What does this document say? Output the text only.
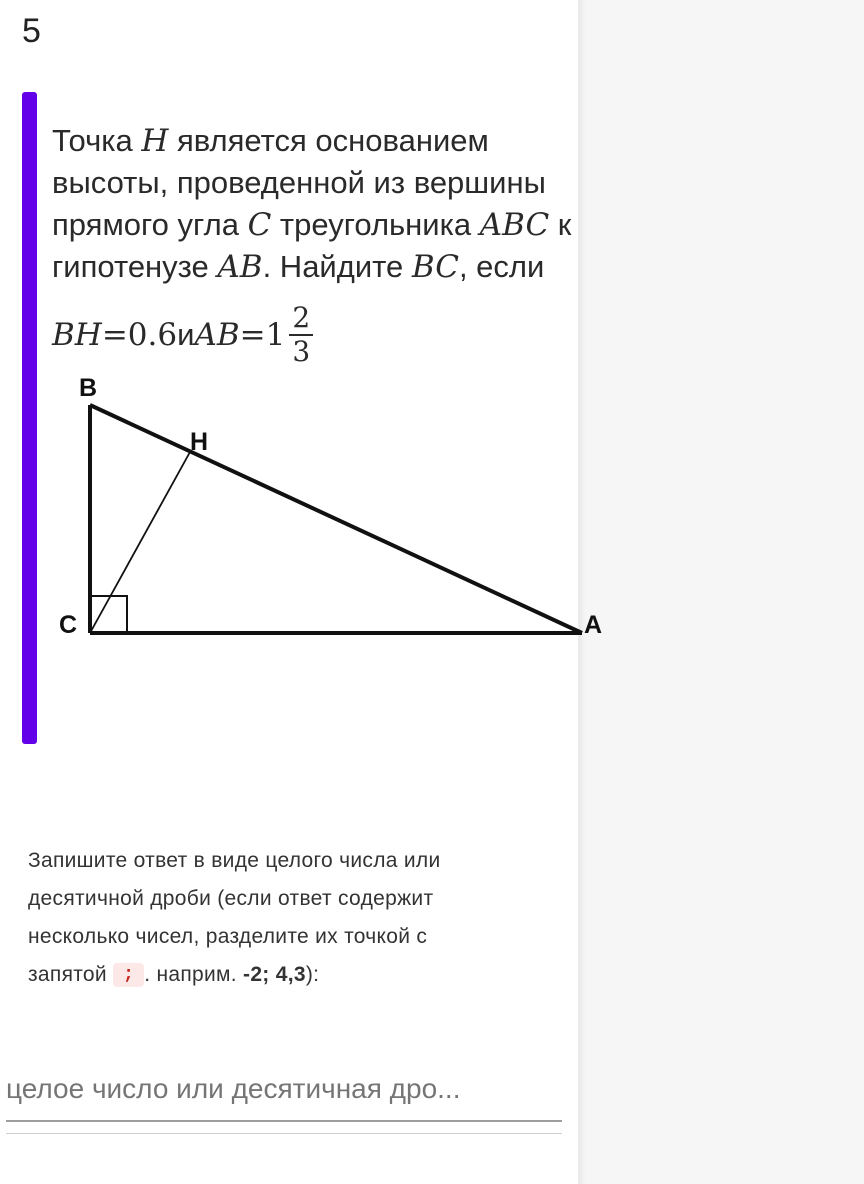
5
Точка H является основанием
высоты, проведенной из вершины
прямого угла C треугольника ABC к
гипотенузе AB. Найдите BC, если
BH =0.6 и AB = $1 \frac{2}{3}$
B
H
C	A
Запишите ответ в виде целого числа или
десятичной дроби (если ответ содержит
несколько чисел, разделите их точкой с
запятой ; . наприм. -2; 4,3):
целое число или десятичная дро...
